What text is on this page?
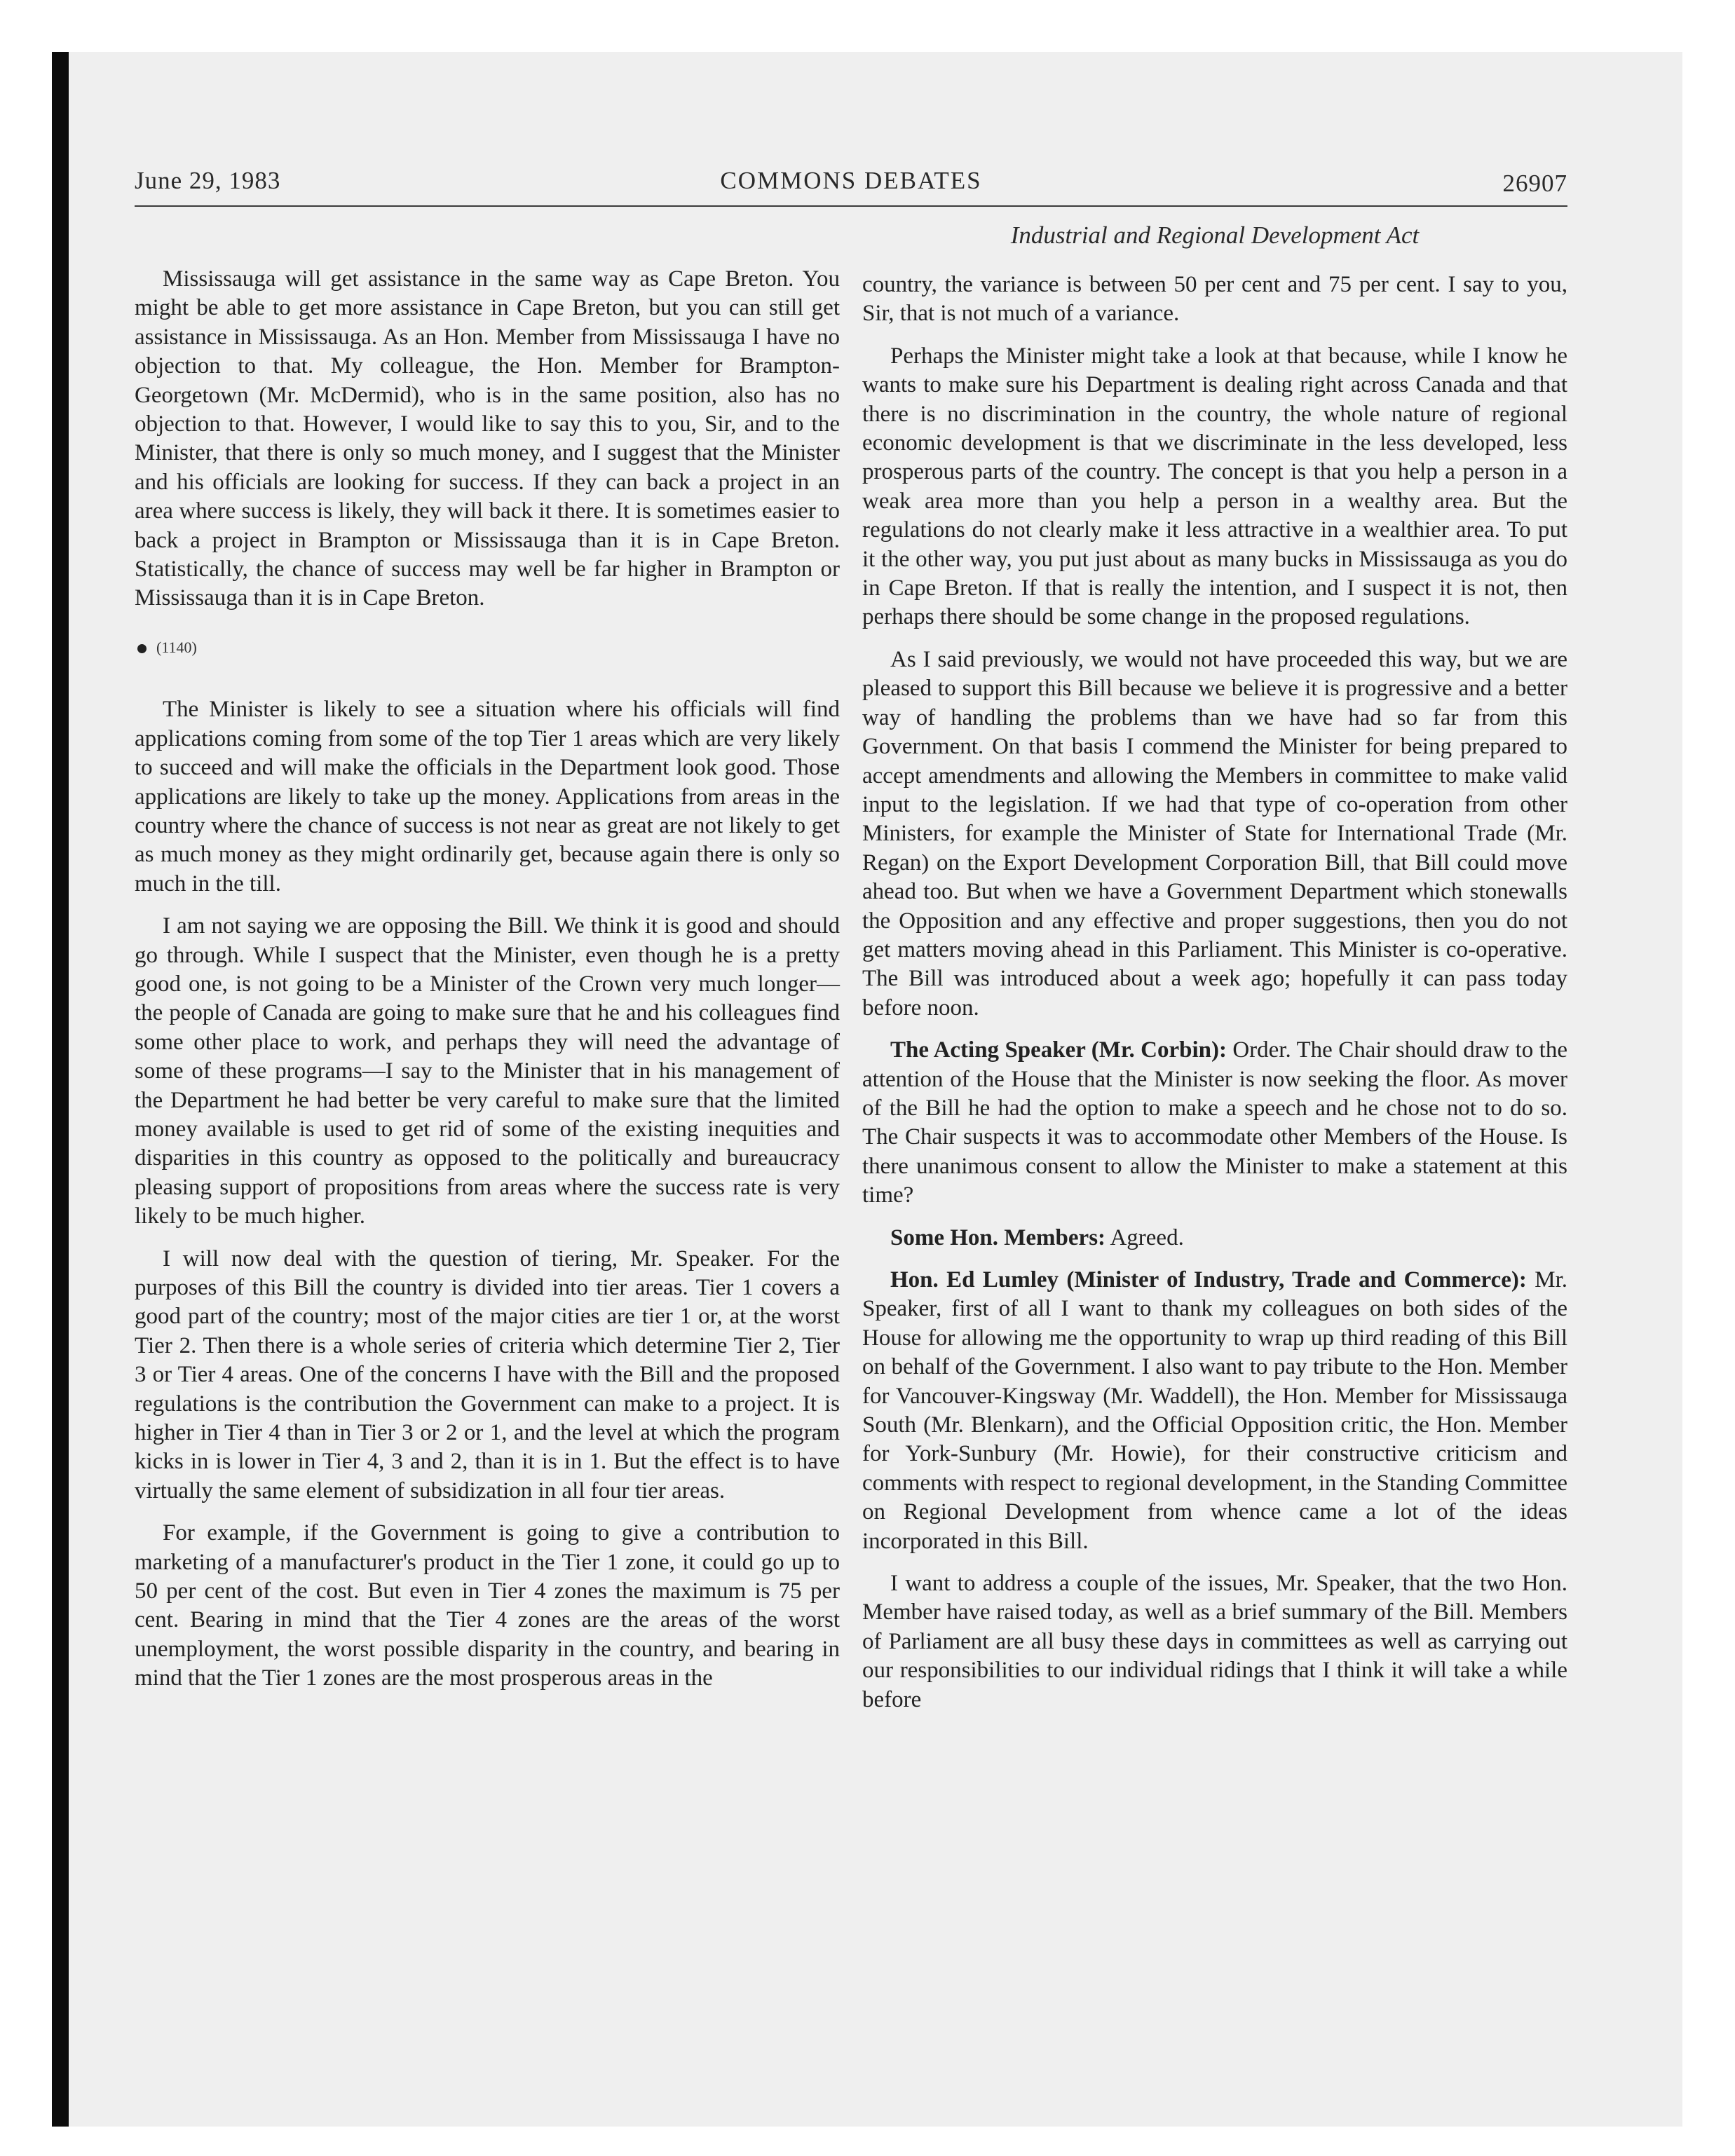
June 29, 1983	COMMONS DEBATES	26907
Industrial and Regional Development Act

Mississauga will get assistance in the same way as Cape Breton. You might be able to get more assistance in Cape Breton, but you can still get assistance in Mississauga. As an Hon. Member from Mississauga I have no objection to that. My colleague, the Hon. Member for Brampton-Georgetown (Mr. McDermid), who is in the same position, also has no objection to that. However, I would like to say this to you, Sir, and to the Minister, that there is only so much money, and I suggest that the Minister and his officials are looking for success. If they can back a project in an area where success is likely, they will back it there. It is sometimes easier to back a project in Brampton or Mississauga than it is in Cape Breton. Statistically, the chance of success may well be far higher in Brampton or Mississauga than it is in Cape Breton.

(1140)

The Minister is likely to see a situation where his officials will find applications coming from some of the top Tier 1 areas which are very likely to succeed and will make the officials in the Department look good. Those applications are likely to take up the money. Applications from areas in the country where the chance of success is not near as great are not likely to get as much money as they might ordinarily get, because again there is only so much in the till.

I am not saying we are opposing the Bill. We think it is good and should go through. While I suspect that the Minister, even though he is a pretty good one, is not going to be a Minister of the Crown very much longer—the people of Canada are going to make sure that he and his colleagues find some other place to work, and perhaps they will need the advantage of some of these programs—I say to the Minister that in his management of the Department he had better be very careful to make sure that the limited money available is used to get rid of some of the existing inequities and disparities in this country as opposed to the politically and bureaucracy pleasing support of propositions from areas where the success rate is very likely to be much higher.

I will now deal with the question of tiering, Mr. Speaker. For the purposes of this Bill the country is divided into tier areas. Tier 1 covers a good part of the country; most of the major cities are tier 1 or, at the worst Tier 2. Then there is a whole series of criteria which determine Tier 2, Tier 3 or Tier 4 areas. One of the concerns I have with the Bill and the proposed regulations is the contribution the Government can make to a project. It is higher in Tier 4 than in Tier 3 or 2 or 1, and the level at which the program kicks in is lower in Tier 4, 3 and 2, than it is in 1. But the effect is to have virtually the same element of subsidization in all four tier areas.

For example, if the Government is going to give a contribution to marketing of a manufacturer's product in the Tier 1 zone, it could go up to 50 per cent of the cost. But even in Tier 4 zones the maximum is 75 per cent. Bearing in mind that the Tier 4 zones are the areas of the worst unemployment, the worst possible disparity in the country, and bearing in mind that the Tier 1 zones are the most prosperous areas in the

country, the variance is between 50 per cent and 75 per cent. I say to you, Sir, that is not much of a variance.

Perhaps the Minister might take a look at that because, while I know he wants to make sure his Department is dealing right across Canada and that there is no discrimination in the country, the whole nature of regional economic development is that we discriminate in the less developed, less prosperous parts of the country. The concept is that you help a person in a weak area more than you help a person in a wealthy area. But the regulations do not clearly make it less attractive in a wealthier area. To put it the other way, you put just about as many bucks in Mississauga as you do in Cape Breton. If that is really the intention, and I suspect it is not, then perhaps there should be some change in the proposed regulations.

As I said previously, we would not have proceeded this way, but we are pleased to support this Bill because we believe it is progressive and a better way of handling the problems than we have had so far from this Government. On that basis I commend the Minister for being prepared to accept amendments and allowing the Members in committee to make valid input to the legislation. If we had that type of co-operation from other Ministers, for example the Minister of State for International Trade (Mr. Regan) on the Export Development Corporation Bill, that Bill could move ahead too. But when we have a Government Department which stonewalls the Opposition and any effective and proper suggestions, then you do not get matters moving ahead in this Parliament. This Minister is co-operative. The Bill was introduced about a week ago; hopefully it can pass today before noon.

The Acting Speaker (Mr. Corbin): Order. The Chair should draw to the attention of the House that the Minister is now seeking the floor. As mover of the Bill he had the option to make a speech and he chose not to do so. The Chair suspects it was to accommodate other Members of the House. Is there unanimous consent to allow the Minister to make a statement at this time?

Some Hon. Members: Agreed.

Hon. Ed Lumley (Minister of Industry, Trade and Commerce): Mr. Speaker, first of all I want to thank my colleagues on both sides of the House for allowing me the opportunity to wrap up third reading of this Bill on behalf of the Government. I also want to pay tribute to the Hon. Member for Vancouver-Kingsway (Mr. Waddell), the Hon. Member for Mississauga South (Mr. Blenkarn), and the Official Opposition critic, the Hon. Member for York-Sunbury (Mr. Howie), for their constructive criticism and comments with respect to regional development, in the Standing Committee on Regional Development from whence came a lot of the ideas incorporated in this Bill.

I want to address a couple of the issues, Mr. Speaker, that the two Hon. Member have raised today, as well as a brief summary of the Bill. Members of Parliament are all busy these days in committees as well as carrying out our responsibilities to our individual ridings that I think it will take a while before
